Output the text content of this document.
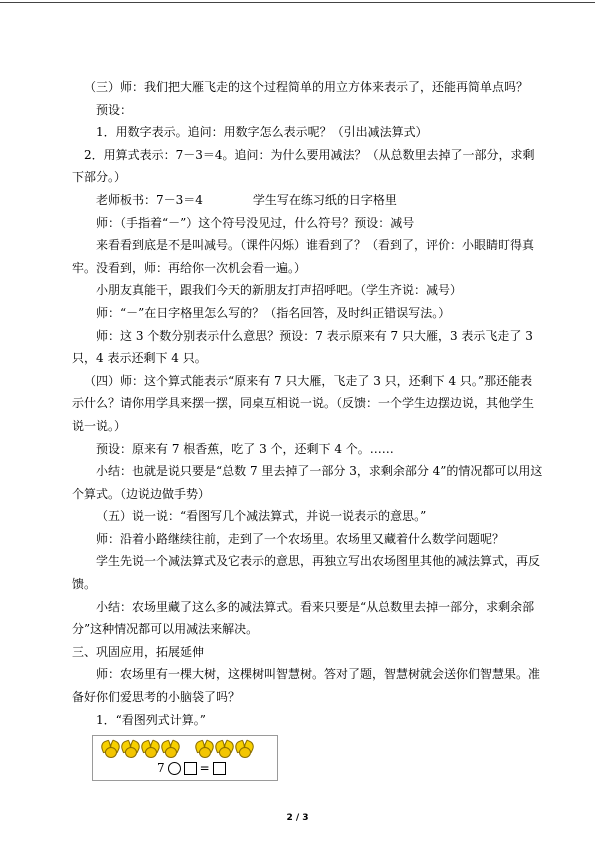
（三）师：我们把大雁飞走的这个过程简单的用立方体来表示了，还能再简单点吗？

预设：

1．用数字表示。追问：用数字怎么表示呢？（引出减法算式）

2．用算式表示：7－3＝4。追问：为什么要用减法？（从总数里去掉了一部分，求剩下部分。）

老师板书：7－3＝4	学生写在练习纸的日字格里

师：（手指着“－”）这个符号没见过，什么符号？预设：减号

来看看到底是不是叫减号。（课件闪烁）谁看到了？（看到了，评价：小眼睛盯得真牢。没看到，师：再给你一次机会看一遍。）

小朋友真能干，跟我们今天的新朋友打声招呼吧。（学生齐说：减号）

师：“－”在日字格里怎么写的？（指名回答，及时纠正错误写法。）

师：这 3 个数分别表示什么意思？预设：7 表示原来有 7 只大雁，3 表示飞走了 3 只，4 表示还剩下 4 只。

（四）师：这个算式能表示“原来有 7 只大雁，飞走了 3 只，还剩下 4 只。”那还能表示什么？请你用学具来摆一摆，同桌互相说一说。（反馈：一个学生边摆边说，其他学生说一说。）

预设：原来有 7 根香蕉，吃了 3 个，还剩下 4 个。……

小结：也就是说只要是“总数 7 里去掉了一部分 3，求剩余部分 4”的情况都可以用这个算式。（边说边做手势）

（五）说一说：“看图写几个减法算式，并说一说表示的意思。”

师：沿着小路继续往前，走到了一个农场里。农场里又藏着什么数学问题呢？

学生先说一个减法算式及它表示的意思，再独立写出农场图里其他的减法算式，再反馈。

小结：农场里藏了这么多的减法算式。看来只要是“从总数里去掉一部分，求剩余部分”这种情况都可以用减法来解决。

三、巩固应用，拓展延伸

师：农场里有一棵大树，这棵树叫智慧树。答对了题，智慧树就会送你们智慧果。准备好你们爱思考的小脑袋了吗？

1．“看图列式计算。”

7	=
2 / 3
